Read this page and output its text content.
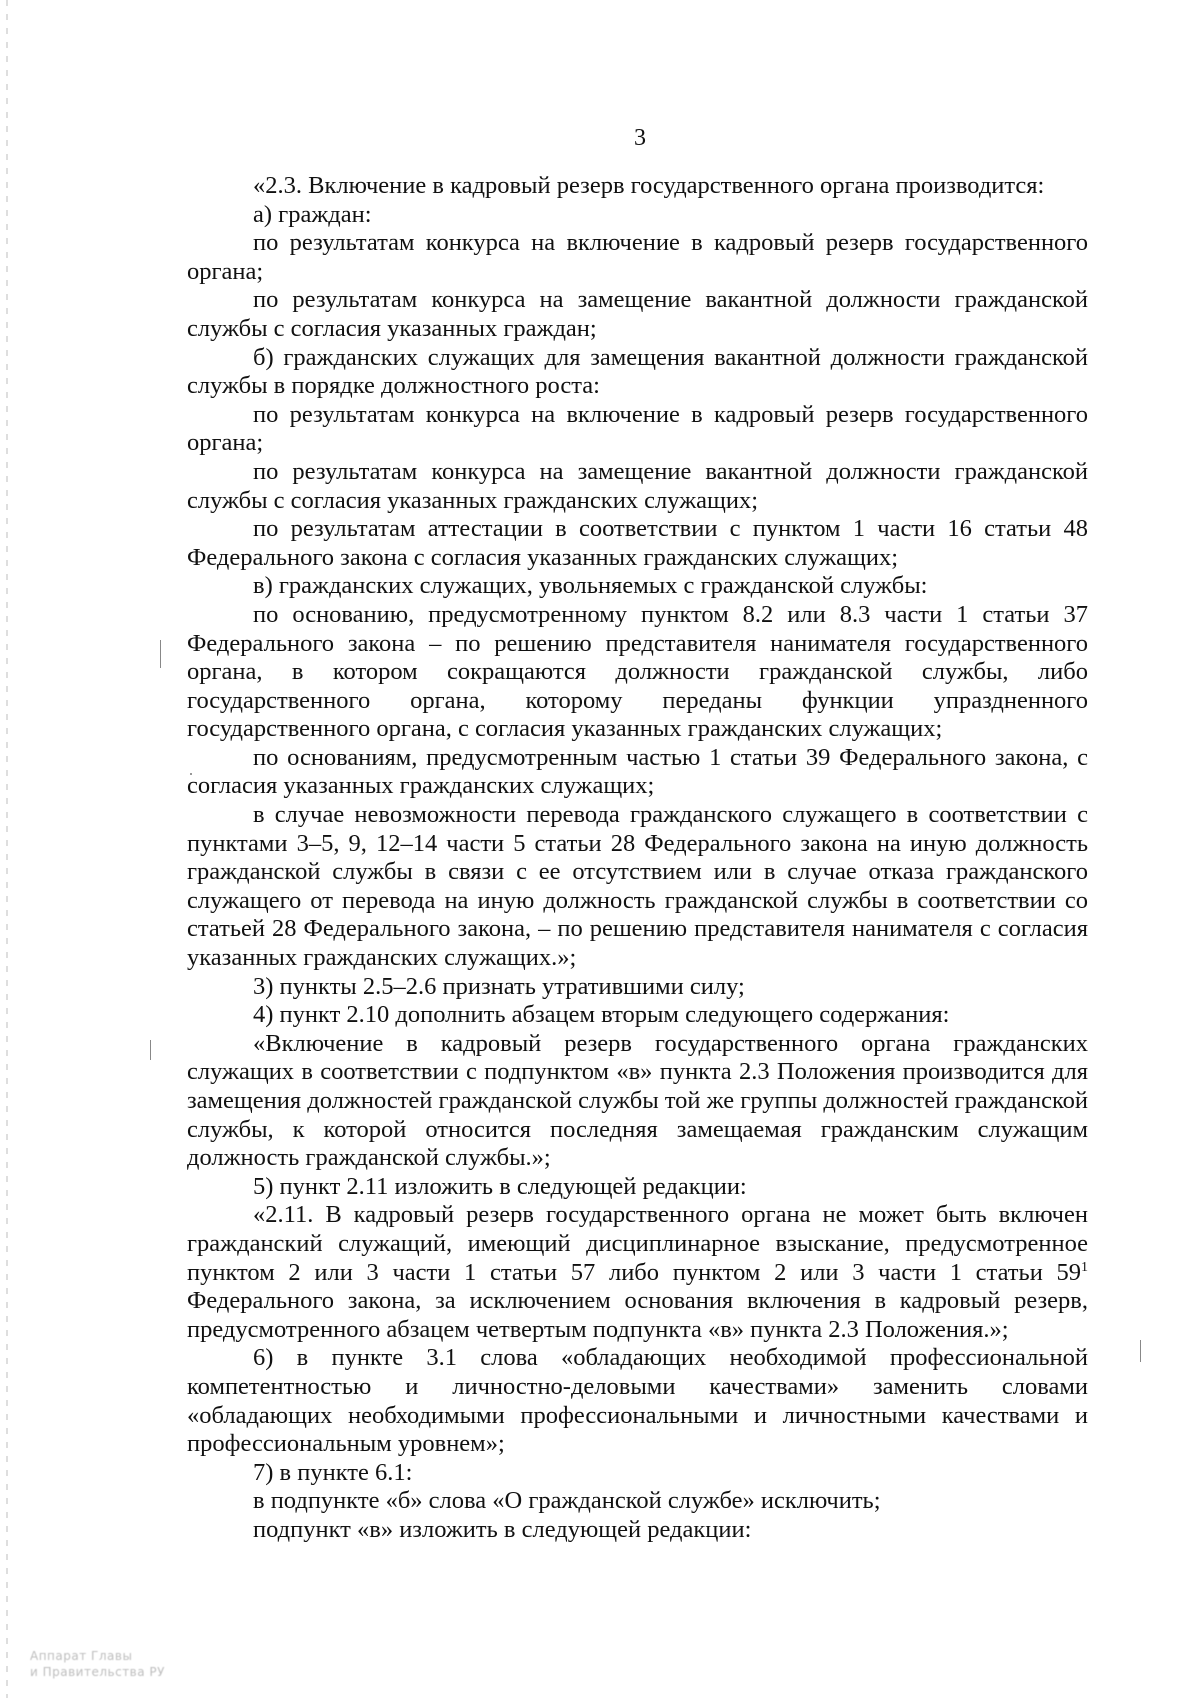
3

«2.3. Включение в кадровый резерв государственного органа производится:

а) граждан:

по результатам конкурса на включение в кадровый резерв государственного органа;

по результатам конкурса на замещение вакантной должности гражданской службы с согласия указанных граждан;

б) гражданских служащих для замещения вакантной должности гражданской службы в порядке должностного роста:

по результатам конкурса на включение в кадровый резерв государственного органа;

по результатам конкурса на замещение вакантной должности гражданской службы с согласия указанных гражданских служащих;

по результатам аттестации в соответствии с пунктом 1 части 16 статьи 48 Федерального закона с согласия указанных гражданских служащих;

в) гражданских служащих, увольняемых с гражданской службы:

по основанию, предусмотренному пунктом 8.2 или 8.3 части 1 статьи 37 Федерального закона – по решению представителя нанимателя государственного органа, в котором сокращаются должности гражданской службы, либо государственного органа, которому переданы функции упраздненного государственного органа, с согласия указанных гражданских служащих;

по основаниям, предусмотренным частью 1 статьи 39 Федерального закона, с согласия указанных гражданских служащих;

в случае невозможности перевода гражданского служащего в соответствии с пунктами 3–5, 9, 12–14 части 5 статьи 28 Федерального закона на иную должность гражданской службы в связи с ее отсутствием или в случае отказа гражданского служащего от перевода на иную должность гражданской службы в соответствии со статьей 28 Федерального закона, – по решению представителя нанимателя с согласия указанных гражданских служащих.»;

3) пункты 2.5–2.6 признать утратившими силу;

4) пункт 2.10 дополнить абзацем вторым следующего содержания:

«Включение в кадровый резерв государственного органа гражданских служащих в соответствии с подпунктом «в» пункта 2.3 Положения производится для замещения должностей гражданской службы той же группы должностей гражданской службы, к которой относится последняя замещаемая гражданским служащим должность гражданской службы.»;

5) пункт 2.11 изложить в следующей редакции:

«2.11. В кадровый резерв государственного органа не может быть включен гражданский служащий, имеющий дисциплинарное взыскание, предусмотренное пунктом 2 или 3 части 1 статьи 57 либо пунктом 2 или 3 части 1 статьи $59^1$ Федерального закона, за исключением основания включения в кадровый резерв, предусмотренного абзацем четвертым подпункта «в» пункта 2.3 Положения.»;

6) в пункте 3.1 слова «обладающих необходимой профессиональной компетентностью и личностно-деловыми качествами» заменить словами «обладающих необходимыми профессиональными и личностными качествами и профессиональным уровнем»;

7) в пункте 6.1:

в подпункте «б» слова «О гражданской службе» исключить;

подпункт «в» изложить в следующей редакции:

Аппарат Главы
и Правительства РУ
